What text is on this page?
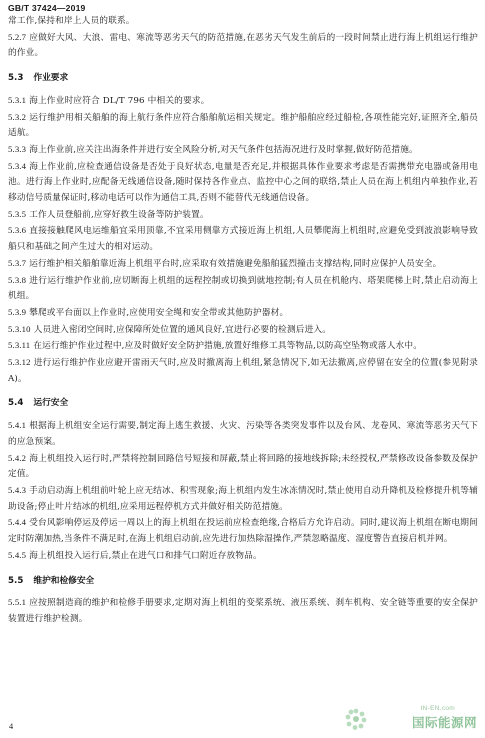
GB/T 37424—2019

常工作,保持和岸上人员的联系。

5.2.7 应做好大风、大浪、雷电、寒流等恶劣天气的防范措施,在恶劣天气发生前后的一段时间禁止进行海上机组运行维护的作业。

5.3 作业要求

5.3.1 海上作业时应符合 DL/T 796 中相关的要求。

5.3.2 运行维护用相关船舶的海上航行条件应符合船舶航运相关规定。维护船舶应经过船检,各项性能完好,证照齐全,船员适航。

5.3.3 海上作业前,应关注出海条件并进行安全风险分析,对天气条件包括海况进行及时掌握,做好防范措施。

5.3.4 海上作业前,应检查通信设备是否处于良好状态,电量是否充足,并根据具体作业要求考虑是否需携带充电器或备用电池。进行海上作业时,应配备无线通信设备,随时保持各作业点、监控中心之间的联络,禁止人员在海上机组内单独作业,若移动信号质量保证时,移动电话可以作为通信工具,否则不能替代无线通信设备。

5.3.5 工作人员登船前,应穿好救生设备等防护装置。

5.3.6 直接接触爬风电运维船宜采用顶靠,不宜采用侧靠方式接近海上机组,人员攀爬海上机组时,应避免受到波浪影响导致船只和基础之间产生过大的相对运动。

5.3.7 运行维护相关船舶靠近海上机组平台时,应采取有效措施避免船舶猛烈撞击支撑结构,同时应保护人员安全。

5.3.8 进行运行维护作业前,应切断海上机组的远程控制或切换到就地控制;有人员在机舱内、塔架爬梯上时,禁止启动海上机组。

5.3.9 攀爬或平台面以上作业时,应使用安全绳和安全带或其他防护器材。

5.3.10 人员进入密闭空间时,应保障所处位置的通风良好,宜进行必要的检测后进入。

5.3.11 在运行维护作业过程中,应及时做好安全防护措施,放置好维修工具等物品,以防高空坠物或落人水中。

5.3.12 进行运行维护作业应避开雷雨天气时,应及时撤离海上机组,紧急情况下,如无法撤离,应停留在安全的位置(参见附录 A)。

5.4 运行安全

5.4.1 根据海上机组安全运行需要,制定海上逃生救援、火灾、污染等各类突发事件以及台风、龙卷风、寒流等恶劣天气下的应急预案。

5.4.2 海上机组投入运行时,严禁将控制回路信号短接和屏蔽,禁止将回路的接地线拆除;未经授权,严禁修改设备参数及保护定值。

5.4.3 手动启动海上机组前叶轮上应无结冰、积雪现象;海上机组内发生冰冻情况时,禁止使用自动升降机及检修提升机等辅助设备;停止叶片结冰的机组,应采用远程停机方式并做好相关防范措施。

5.4.4 受台风影响停运及停运一周以上的海上机组在投运前应检查绝缘,合格后方允许启动。同时,建议海上机组在断电期间定时防潮加热,当条件不满足时,在海上机组启动前,应先进行加热除湿操作,严禁忽略温度、湿度警告直接启机并网。

5.4.5 海上机组投入运行后,禁止在进气口和排气口附近存放物品。

5.5 维护和检修安全

5.5.1 应按照制造商的维护和检修手册要求,定期对海上机组的变桨系统、液压系统、刹车机构、安全链等重要的安全保护装置进行维护检测。

4
IN-EN.com
国际能源网
